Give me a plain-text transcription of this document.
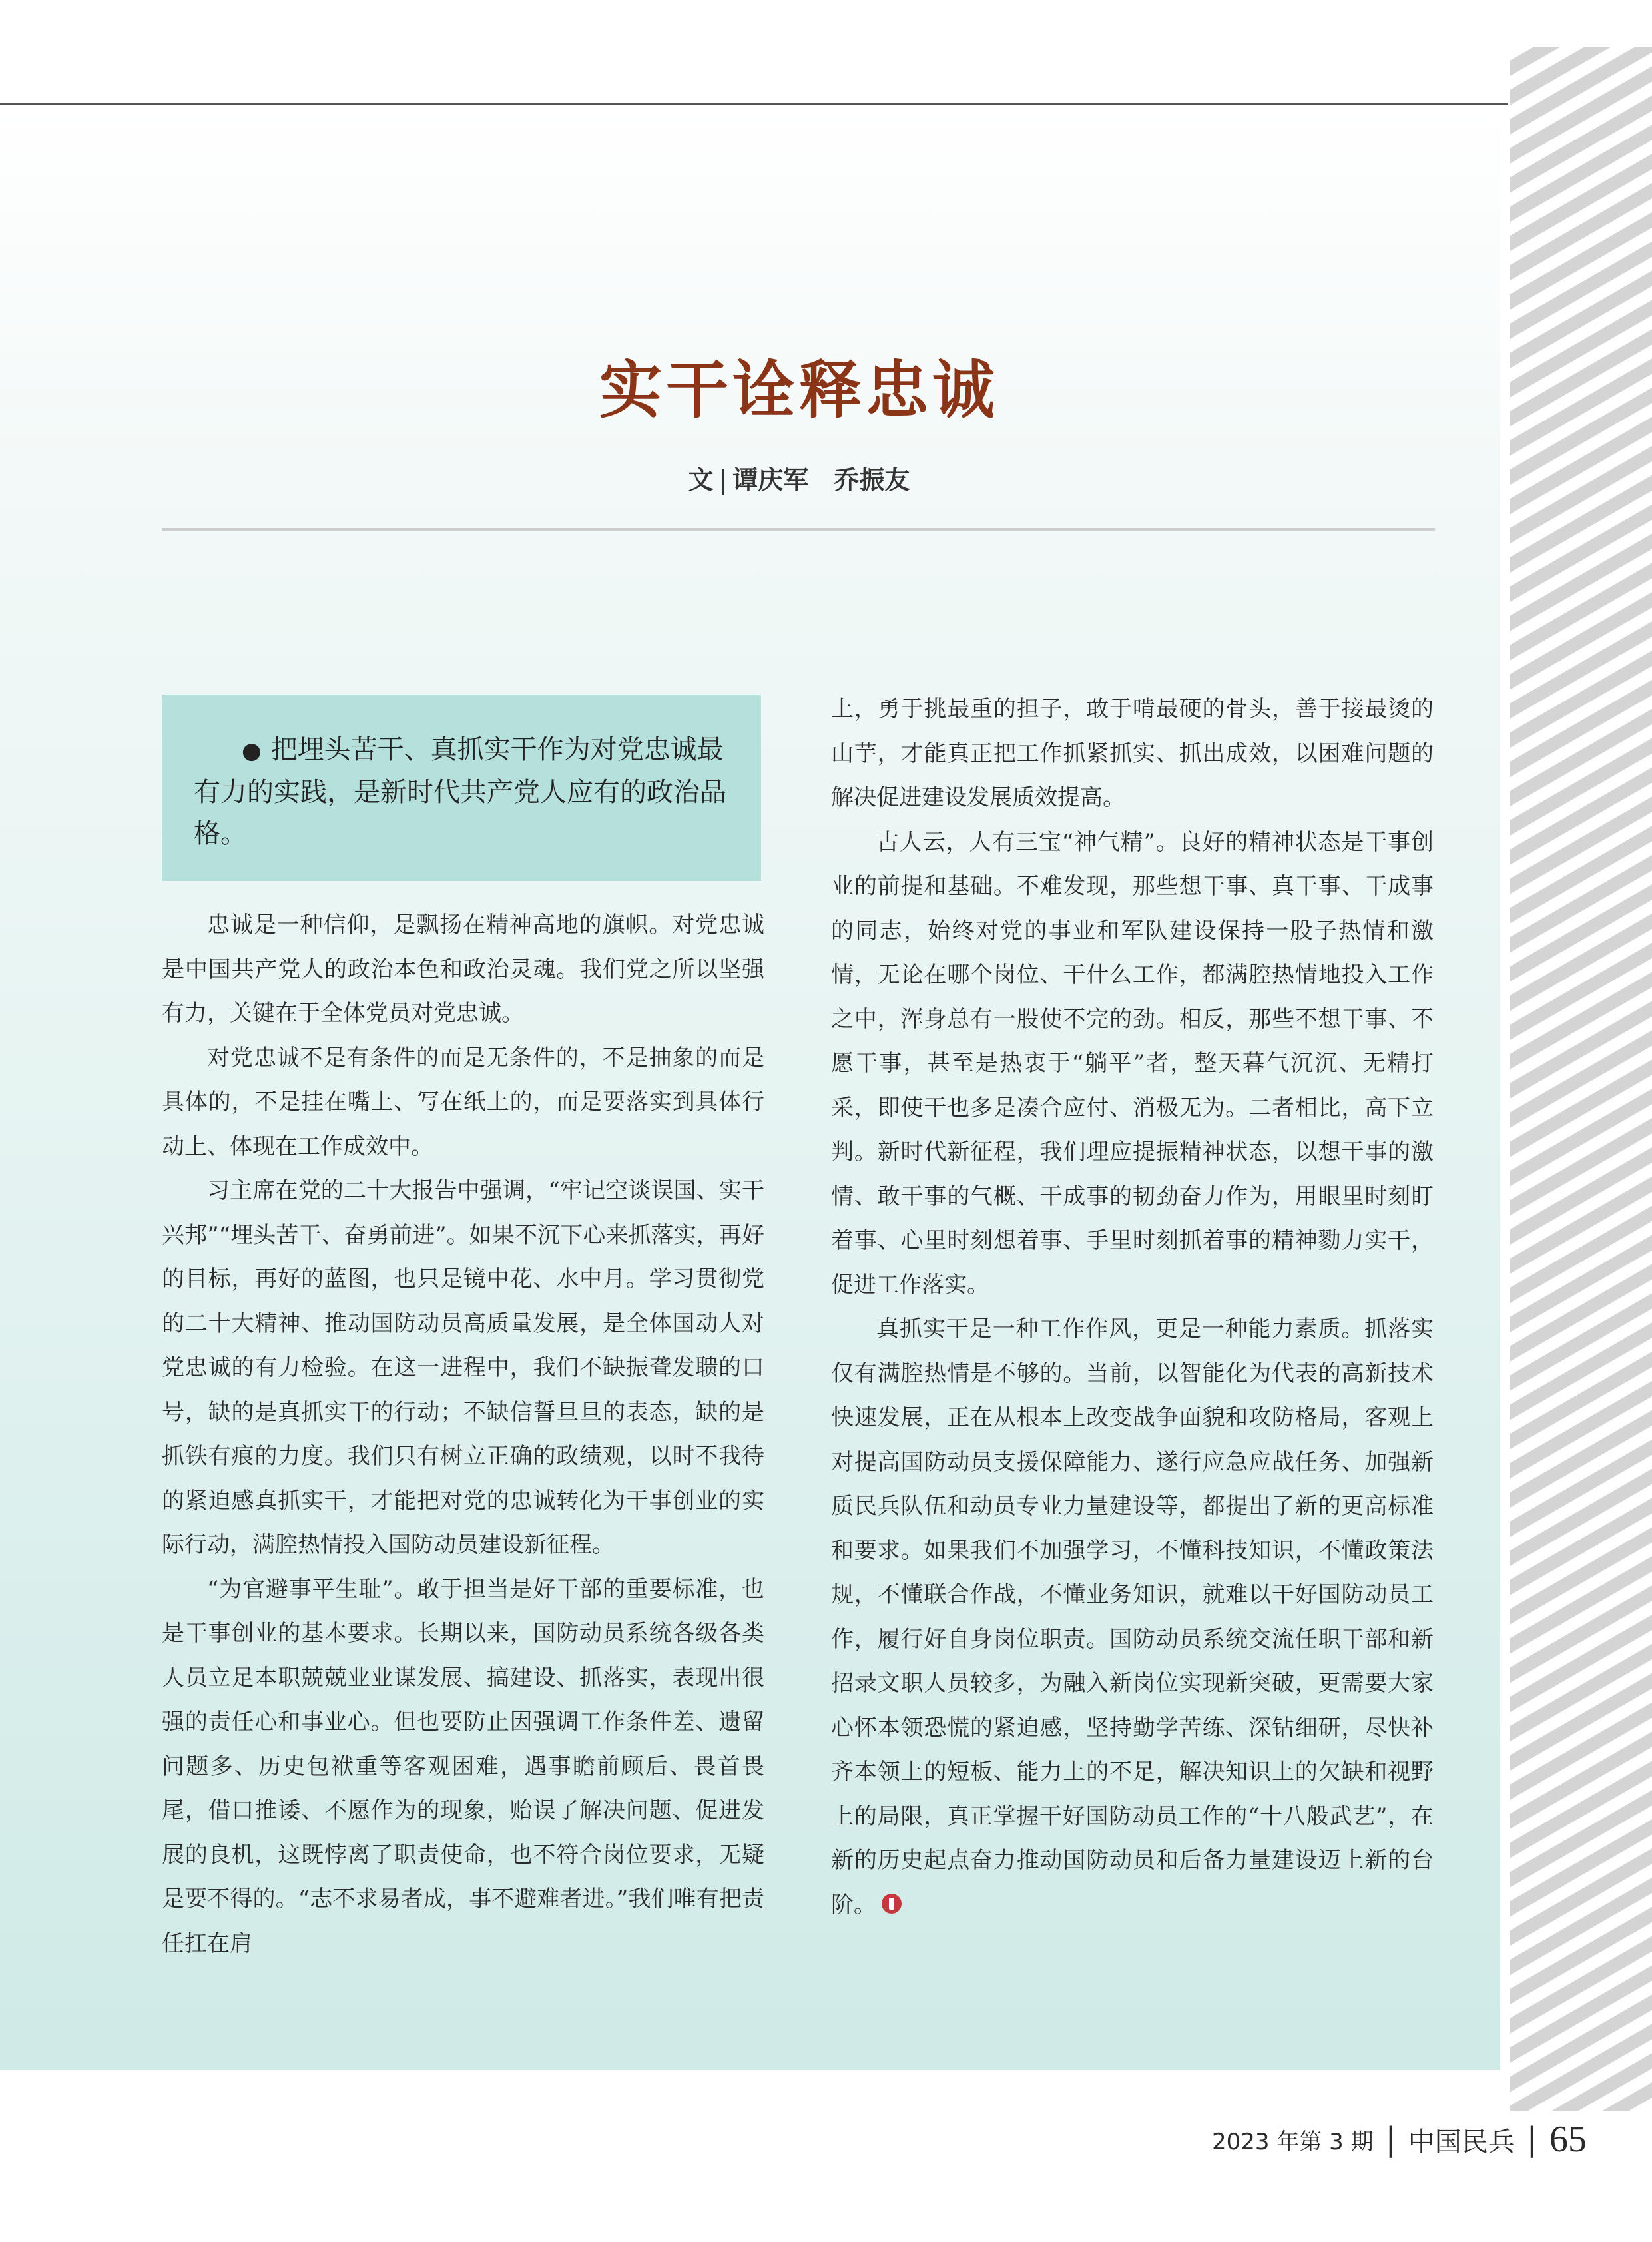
实干诠释忠诚
文 | 谭庆军　乔振友
● 把埋头苦干、真抓实干作为对党忠诚最有力的实践，是新时代共产党人应有的政治品格。

忠诚是一种信仰，是飘扬在精神高地的旗帜。对党忠诚是中国共产党人的政治本色和政治灵魂。我们党之所以坚强有力，关键在于全体党员对党忠诚。

对党忠诚不是有条件的而是无条件的，不是抽象的而是具体的，不是挂在嘴上、写在纸上的，而是要落实到具体行动上、体现在工作成效中。

习主席在党的二十大报告中强调，“牢记空谈误国、实干兴邦”“埋头苦干、奋勇前进”。如果不沉下心来抓落实，再好的目标，再好的蓝图，也只是镜中花、水中月。学习贯彻党的二十大精神、推动国防动员高质量发展，是全体国动人对党忠诚的有力检验。在这一进程中，我们不缺振聋发聩的口号，缺的是真抓实干的行动；不缺信誓旦旦的表态，缺的是抓铁有痕的力度。我们只有树立正确的政绩观，以时不我待的紧迫感真抓实干，才能把对党的忠诚转化为干事创业的实际行动，满腔热情投入国防动员建设新征程。

“为官避事平生耻”。敢于担当是好干部的重要标准，也是干事创业的基本要求。长期以来，国防动员系统各级各类人员立足本职兢兢业业谋发展、搞建设、抓落实，表现出很强的责任心和事业心。但也要防止因强调工作条件差、遗留问题多、历史包袱重等客观困难，遇事瞻前顾后、畏首畏尾，借口推诿、不愿作为的现象，贻误了解决问题、促进发展的良机，这既悖离了职责使命，也不符合岗位要求，无疑是要不得的。“志不求易者成，事不避难者进。”我们唯有把责任扛在肩

上，勇于挑最重的担子，敢于啃最硬的骨头，善于接最烫的山芋，才能真正把工作抓紧抓实、抓出成效，以困难问题的解决促进建设发展质效提高。

古人云，人有三宝“神气精”。良好的精神状态是干事创业的前提和基础。不难发现，那些想干事、真干事、干成事的同志，始终对党的事业和军队建设保持一股子热情和激情，无论在哪个岗位、干什么工作，都满腔热情地投入工作之中，浑身总有一股使不完的劲。相反，那些不想干事、不愿干事，甚至是热衷于“躺平”者，整天暮气沉沉、无精打采，即使干也多是凑合应付、消极无为。二者相比，高下立判。新时代新征程，我们理应提振精神状态，以想干事的激情、敢干事的气概、干成事的韧劲奋力作为，用眼里时刻盯着事、心里时刻想着事、手里时刻抓着事的精神勠力实干，促进工作落实。

真抓实干是一种工作作风，更是一种能力素质。抓落实仅有满腔热情是不够的。当前，以智能化为代表的高新技术快速发展，正在从根本上改变战争面貌和攻防格局，客观上对提高国防动员支援保障能力、遂行应急应战任务、加强新质民兵队伍和动员专业力量建设等，都提出了新的更高标准和要求。如果我们不加强学习，不懂科技知识，不懂政策法规，不懂联合作战，不懂业务知识，就难以干好国防动员工作，履行好自身岗位职责。国防动员系统交流任职干部和新招录文职人员较多，为融入新岗位实现新突破，更需要大家心怀本领恐慌的紧迫感，坚持勤学苦练、深钻细研，尽快补齐本领上的短板、能力上的不足，解决知识上的欠缺和视野上的局限，真正掌握干好国防动员工作的“十八般武艺”，在新的历史起点奋力推动国防动员和后备力量建设迈上新的台阶。

2023 年第 3 期 | 中国民兵 | 65
